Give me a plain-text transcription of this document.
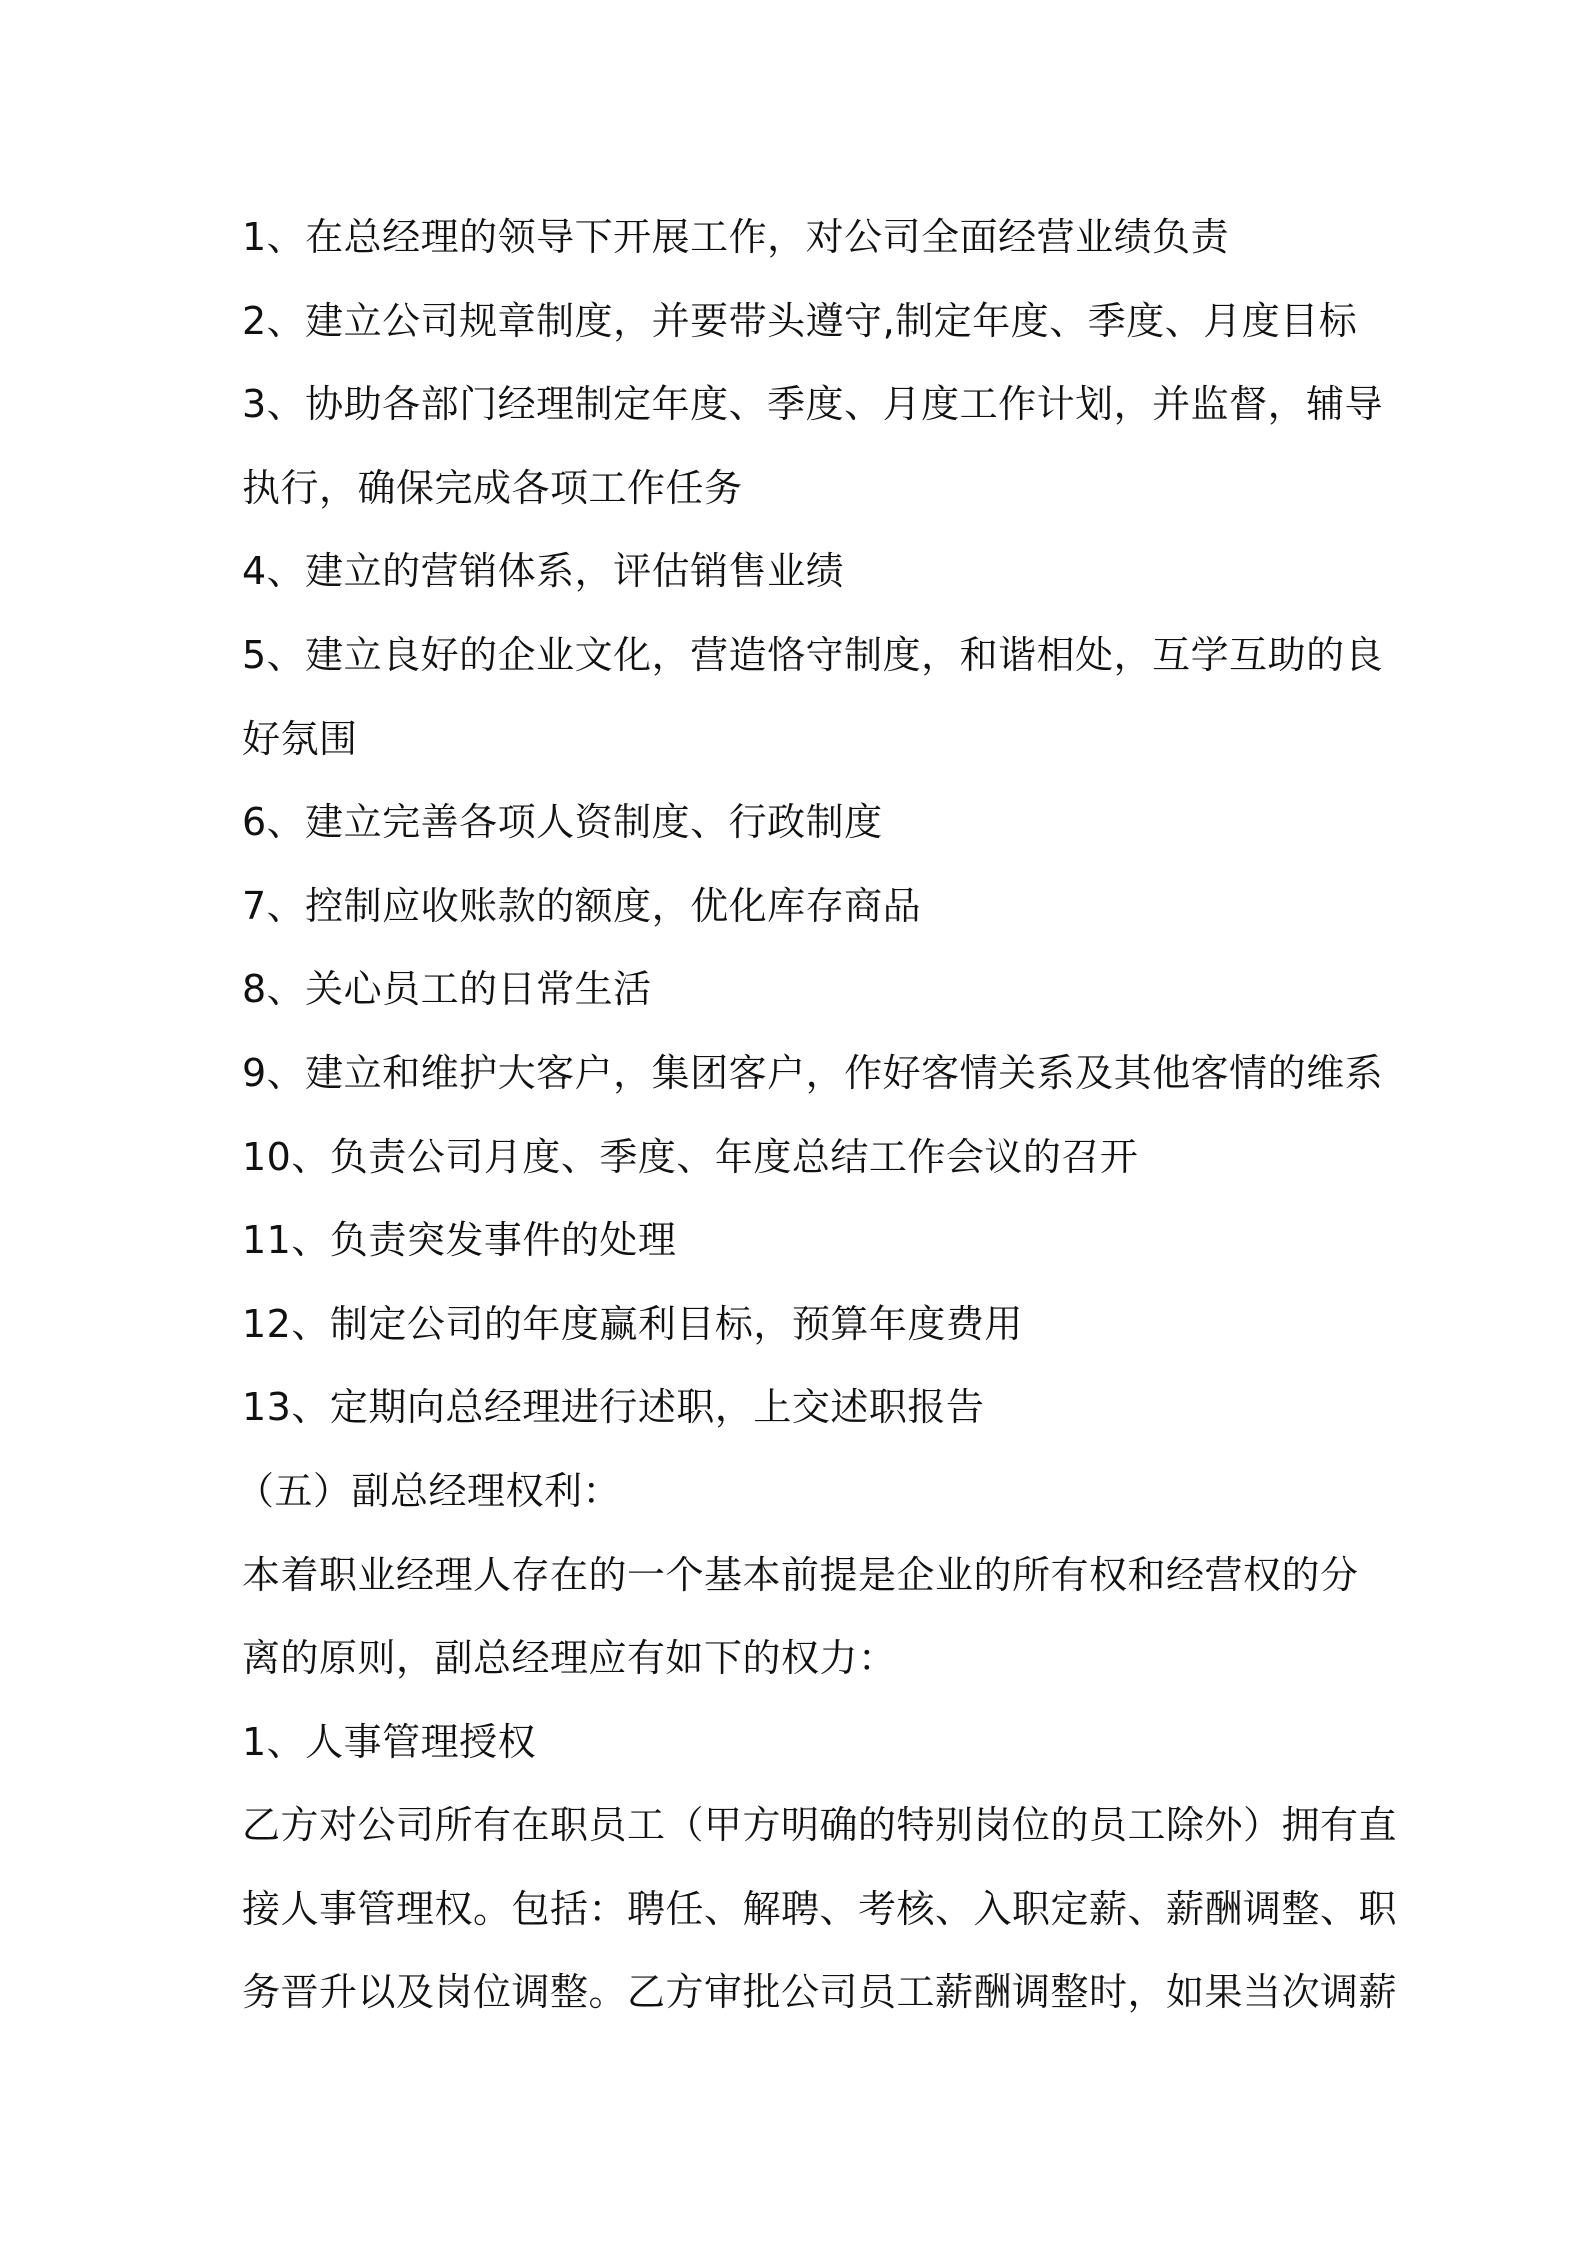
1、在总经理的领导下开展工作，对公司全面经营业绩负责
2、建立公司规章制度，并要带头遵守,制定年度、季度、月度目标
3、协助各部门经理制定年度、季度、月度工作计划，并监督，辅导
执行，确保完成各项工作任务
4、建立的营销体系，评估销售业绩
5、建立良好的企业文化，营造恪守制度，和谐相处，互学互助的良
好氛围
6、建立完善各项人资制度、行政制度
7、控制应收账款的额度，优化库存商品
8、关心员工的日常生活
9、建立和维护大客户，集团客户，作好客情关系及其他客情的维系
10、负责公司月度、季度、年度总结工作会议的召开
11、负责突发事件的处理
12、制定公司的年度赢利目标，预算年度费用
13、定期向总经理进行述职，上交述职报告
（五）副总经理权利：
本着职业经理人存在的一个基本前提是企业的所有权和经营权的分
离的原则，副总经理应有如下的权力：
1、人事管理授权
乙方对公司所有在职员工（甲方明确的特别岗位的员工除外）拥有直
接人事管理权。包括：聘任、解聘、考核、入职定薪、薪酬调整、职
务晋升以及岗位调整。乙方审批公司员工薪酬调整时，如果当次调薪
